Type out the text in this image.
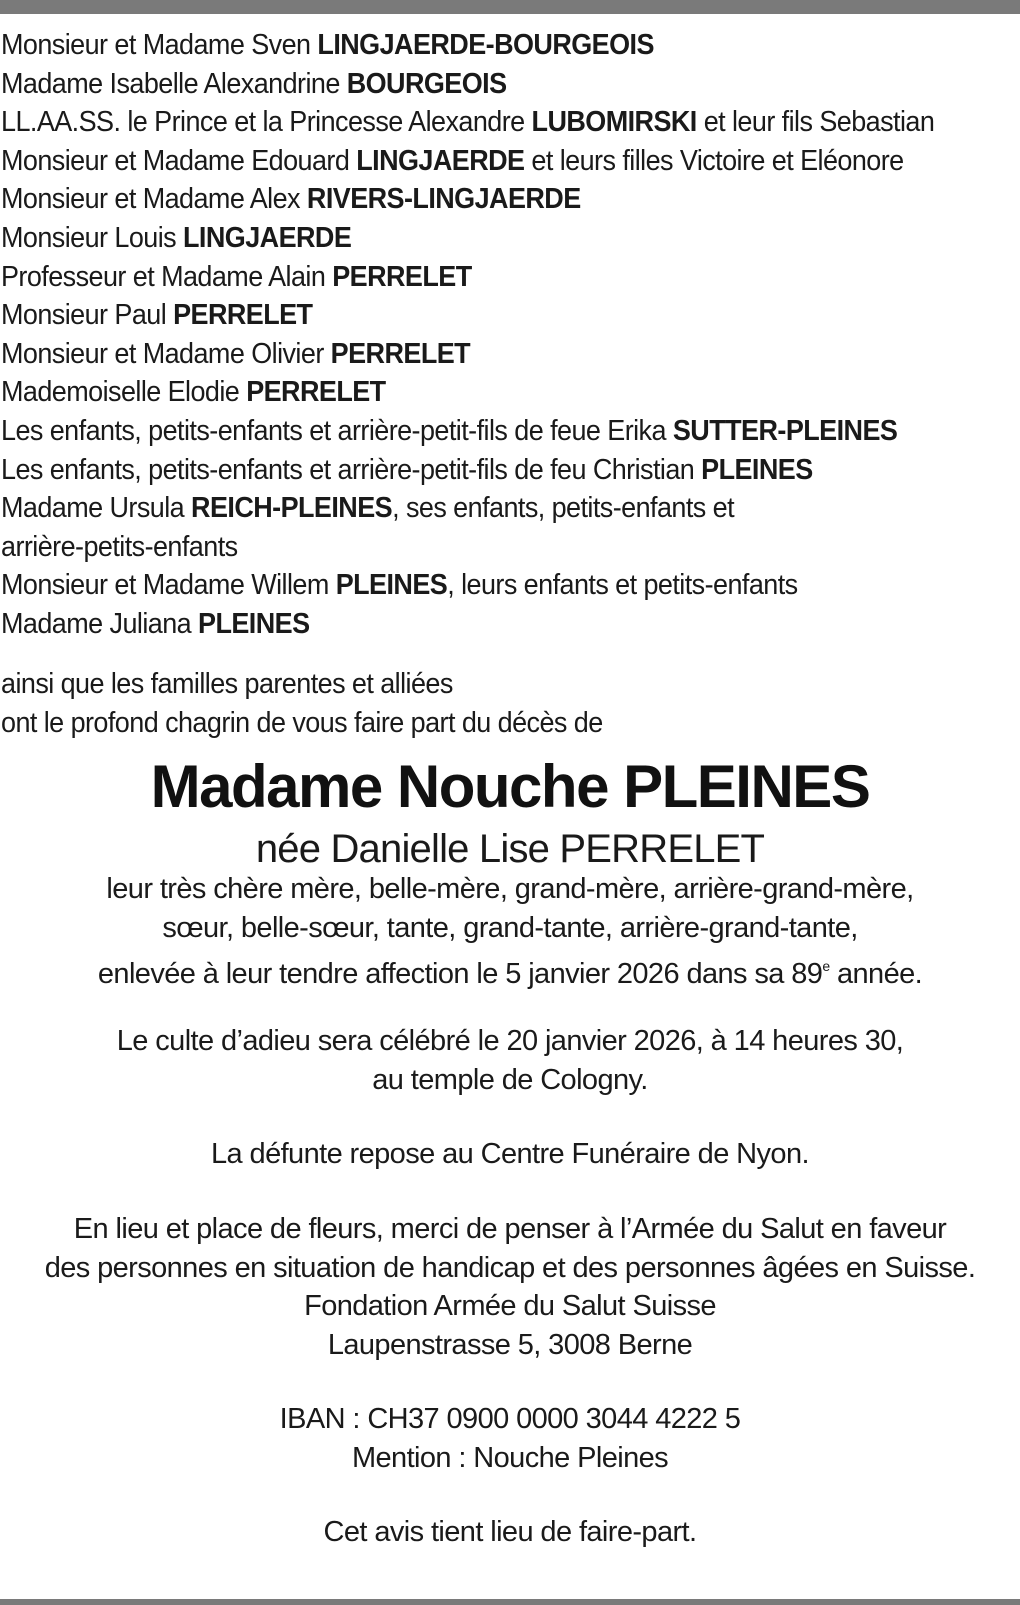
Monsieur et Madame Sven LINGJAERDE-BOURGEOIS
Madame Isabelle Alexandrine BOURGEOIS
LL.AA.SS. le Prince et la Princesse Alexandre LUBOMIRSKI et leur fils Sebastian
Monsieur et Madame Edouard LINGJAERDE et leurs filles Victoire et Eléonore
Monsieur et Madame Alex RIVERS-LINGJAERDE
Monsieur Louis LINGJAERDE
Professeur et Madame Alain PERRELET
Monsieur Paul PERRELET
Monsieur et Madame Olivier PERRELET
Mademoiselle Elodie PERRELET
Les enfants, petits-enfants et arrière-petit-fils de feue Erika SUTTER-PLEINES
Les enfants, petits-enfants et arrière-petit-fils de feu Christian PLEINES
Madame Ursula REICH-PLEINES, ses enfants, petits-enfants et
arrière-petits-enfants
Monsieur et Madame Willem PLEINES, leurs enfants et petits-enfants
Madame Juliana PLEINES
ainsi que les familles parentes et alliées
ont le profond chagrin de vous faire part du décès de
Madame Nouche PLEINES
née Danielle Lise PERRELET
leur très chère mère, belle-mère, grand-mère, arrière-grand-mère,
sœur, belle-sœur, tante, grand-tante, arrière-grand-tante,
enlevée à leur tendre affection le 5 janvier 2026 dans sa 89e année.
Le culte d’adieu sera célébré le 20 janvier 2026, à 14 heures 30,
au temple de Cologny.
La défunte repose au Centre Funéraire de Nyon.
En lieu et place de fleurs, merci de penser à l’Armée du Salut en faveur
des personnes en situation de handicap et des personnes âgées en Suisse.
Fondation Armée du Salut Suisse
Laupenstrasse 5, 3008 Berne
IBAN : CH37 0900 0000 3044 4222 5
Mention : Nouche Pleines
Cet avis tient lieu de faire-part.
